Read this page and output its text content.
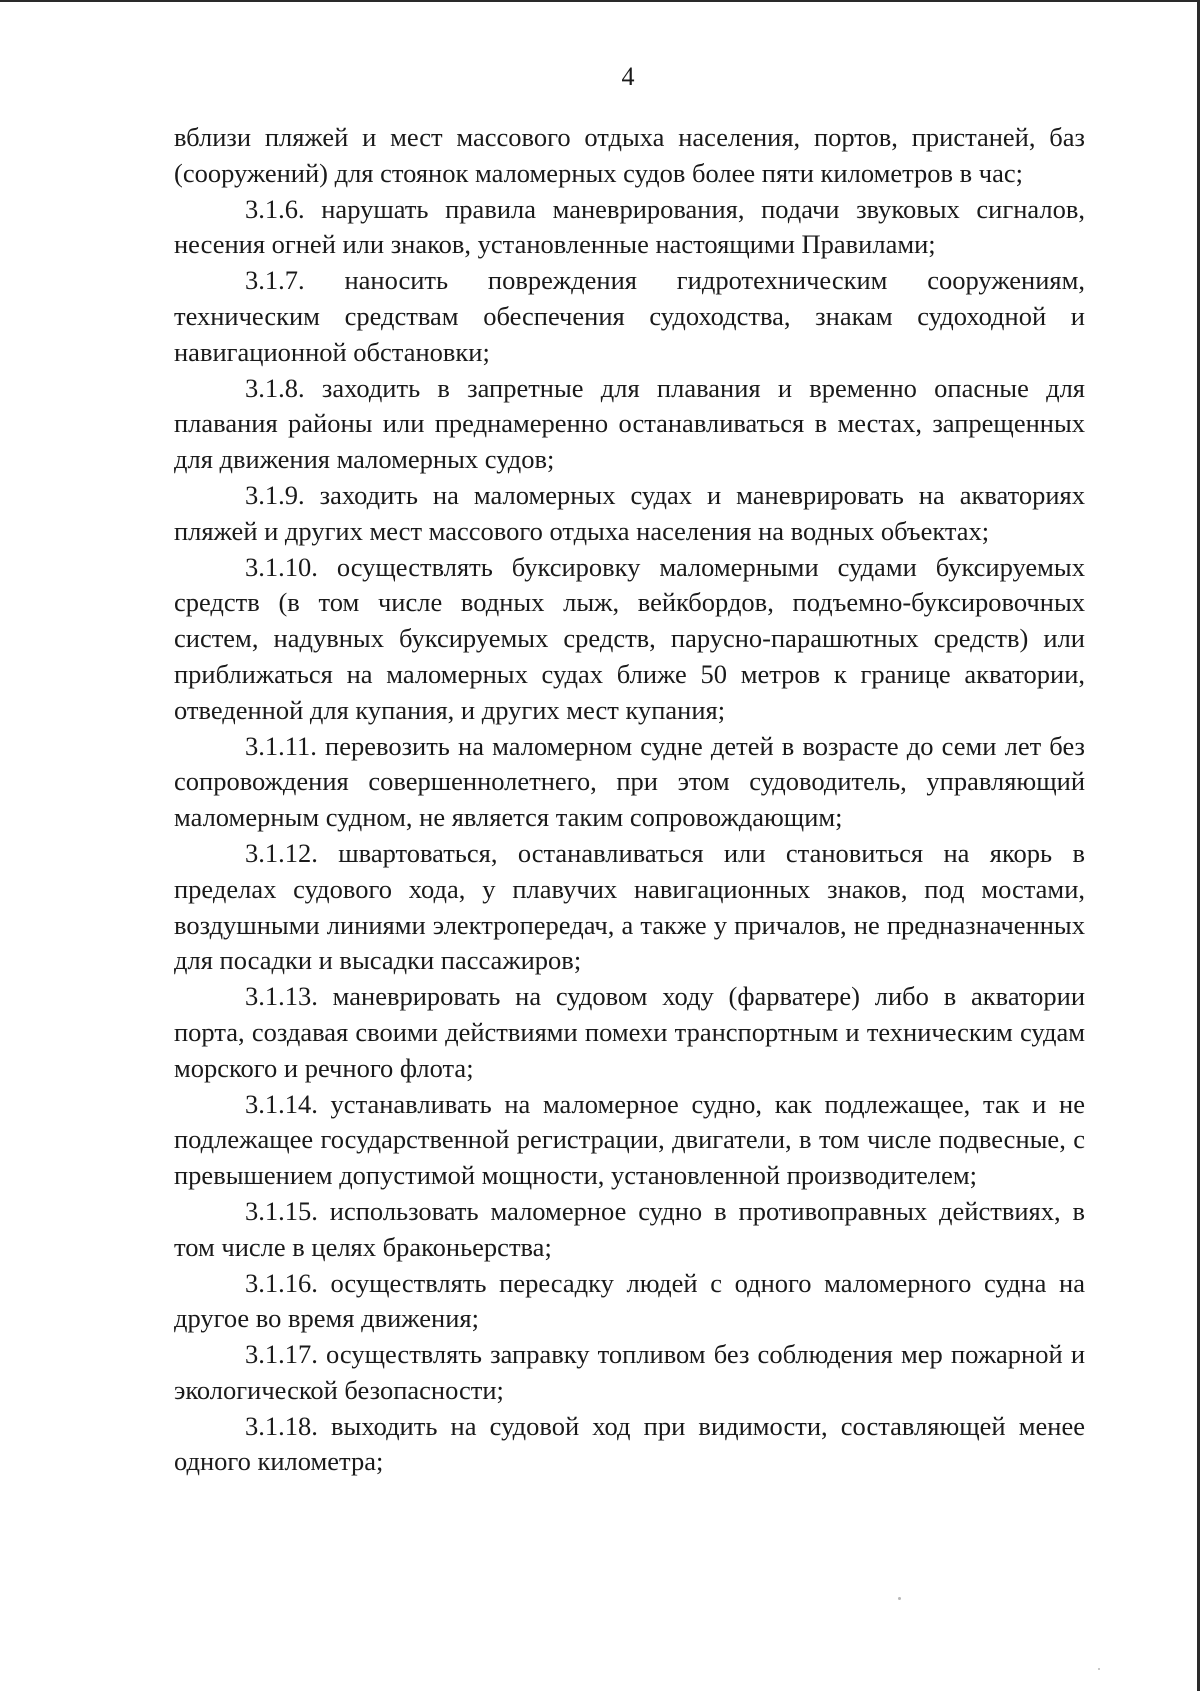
4

вблизи пляжей и мест массового отдыха населения, портов, пристаней, баз (сооружений) для стоянок маломерных судов более пяти километров в час;

3.1.6. нарушать правила маневрирования, подачи звуковых сигналов, несения огней или знаков, установленные настоящими Правилами;

3.1.7. наносить повреждения гидротехническим сооружениям, техническим средствам обеспечения судоходства, знакам судоходной и навигационной обстановки;

3.1.8. заходить в запретные для плавания и временно опасные для плавания районы или преднамеренно останавливаться в местах, запрещенных для движения маломерных судов;

3.1.9. заходить на маломерных судах и маневрировать на акваториях пляжей и других мест массового отдыха населения на водных объектах;

3.1.10. осуществлять буксировку маломерными судами буксируемых средств (в том числе водных лыж, вейкбордов, подъемно-буксировочных систем, надувных буксируемых средств, парусно-парашютных средств) или приближаться на маломерных судах ближе 50 метров к границе акватории, отведенной для купания, и других мест купания;

3.1.11. перевозить на маломерном судне детей в возрасте до семи лет без сопровождения совершеннолетнего, при этом судоводитель, управляющий маломерным судном, не является таким сопровождающим;

3.1.12. швартоваться, останавливаться или становиться на якорь в пределах судового хода, у плавучих навигационных знаков, под мостами, воздушными линиями электропередач, а также у причалов, не предназначенных для посадки и высадки пассажиров;

3.1.13. маневрировать на судовом ходу (фарватере) либо в акватории порта, создавая своими действиями помехи транспортным и техническим судам морского и речного флота;

3.1.14. устанавливать на маломерное судно, как подлежащее, так и не подлежащее государственной регистрации, двигатели, в том числе подвесные, с превышением допустимой мощности, установленной производителем;

3.1.15. использовать маломерное судно в противоправных действиях, в том числе в целях браконьерства;

3.1.16. осуществлять пересадку людей с одного маломерного судна на другое во время движения;

3.1.17. осуществлять заправку топливом без соблюдения мер пожарной и экологической безопасности;

3.1.18. выходить на судовой ход при видимости, составляющей менее одного километра;
